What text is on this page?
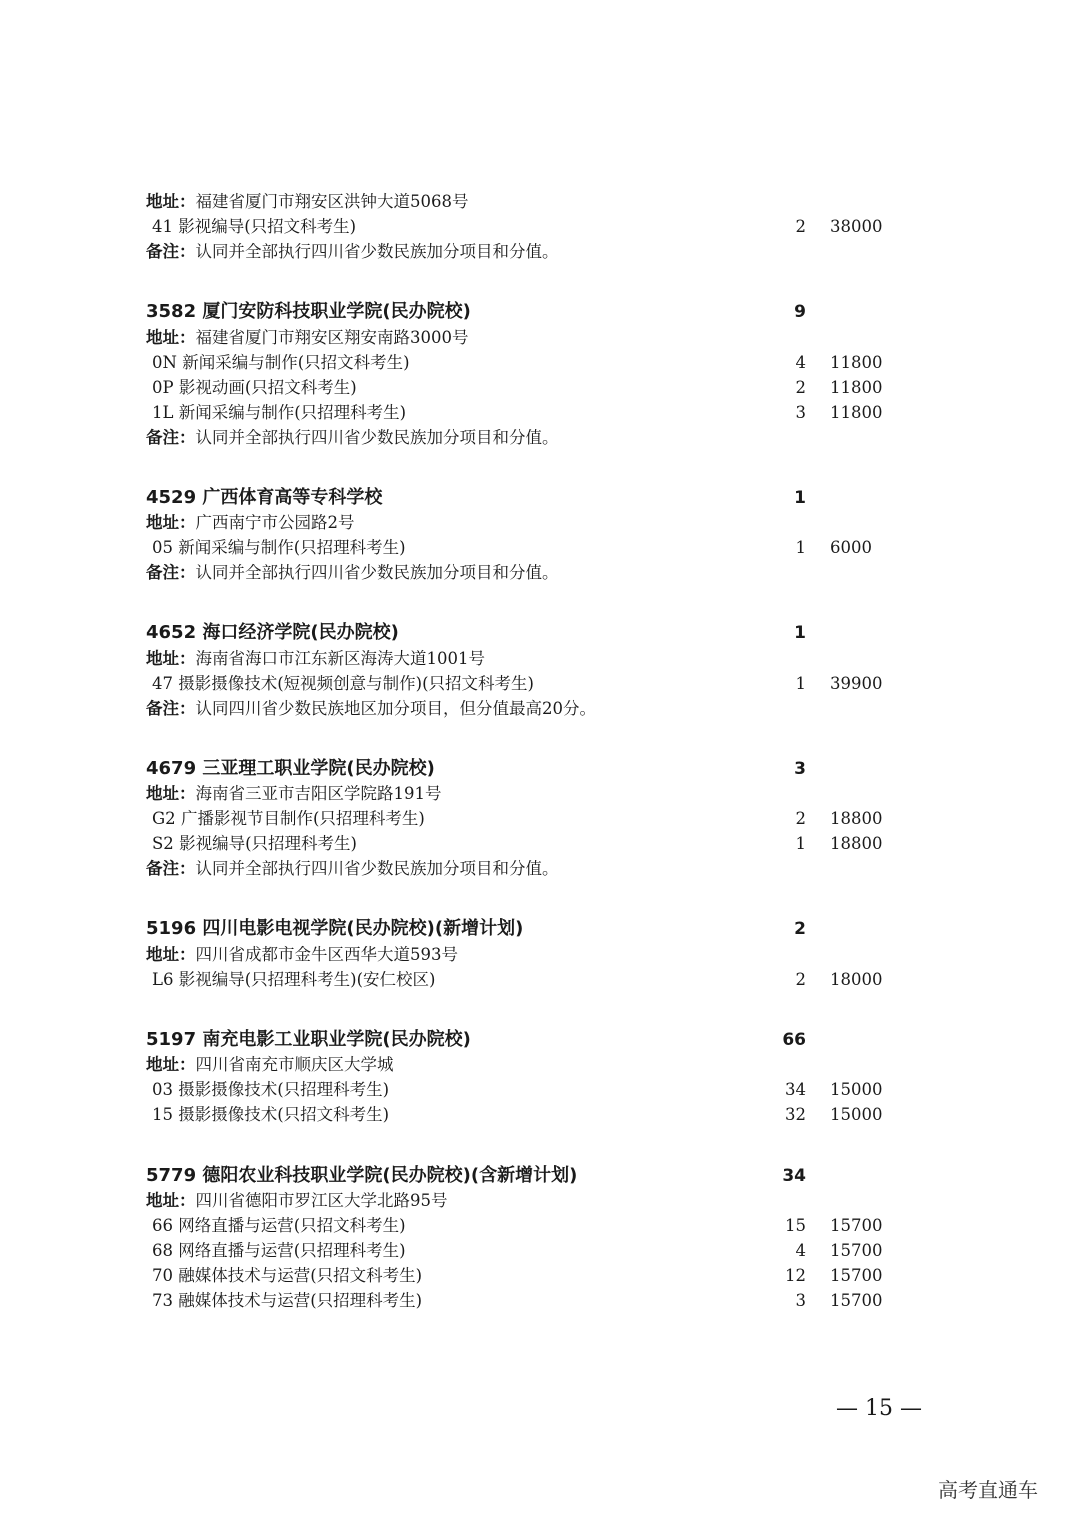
地址：福建省厦门市翔安区洪钟大道5068号
41 影视编导(只招文科考生)	2 38000
备注：认同并全部执行四川省少数民族加分项目和分值。
3582 厦门安防科技职业学院(民办院校)	9
地址：福建省厦门市翔安区翔安南路3000号
0N 新闻采编与制作(只招文科考生)	4 11800
0P 影视动画(只招文科考生)	2 11800
1L 新闻采编与制作(只招理科考生)	3 11800
备注：认同并全部执行四川省少数民族加分项目和分值。
4529 广西体育高等专科学校	1
地址：广西南宁市公园路2号
05 新闻采编与制作(只招理科考生)	1 6000
备注：认同并全部执行四川省少数民族加分项目和分值。
4652 海口经济学院(民办院校)	1
地址：海南省海口市江东新区海涛大道1001号
47 摄影摄像技术(短视频创意与制作)(只招文科考生)	1 39900
备注：认同四川省少数民族地区加分项目，但分值最高20分。
4679 三亚理工职业学院(民办院校)	3
地址：海南省三亚市吉阳区学院路191号
G2 广播影视节目制作(只招理科考生)	2 18800
S2 影视编导(只招理科考生)	1 18800
备注：认同并全部执行四川省少数民族加分项目和分值。
5196 四川电影电视学院(民办院校)(新增计划)	2
地址：四川省成都市金牛区西华大道593号
L6 影视编导(只招理科考生)(安仁校区)	2 18000
5197 南充电影工业职业学院(民办院校)	66
地址：四川省南充市顺庆区大学城
03 摄影摄像技术(只招理科考生)	34 15000
15 摄影摄像技术(只招文科考生)	32 15000
5779 德阳农业科技职业学院(民办院校)(含新增计划)	34
地址：四川省德阳市罗江区大学北路95号
66 网络直播与运营(只招文科考生)	15 15700
68 网络直播与运营(只招理科考生)	4 15700
70 融媒体技术与运营(只招文科考生)	12 15700
73 融媒体技术与运营(只招理科考生)	3 15700
— 15 —
高考直通车
